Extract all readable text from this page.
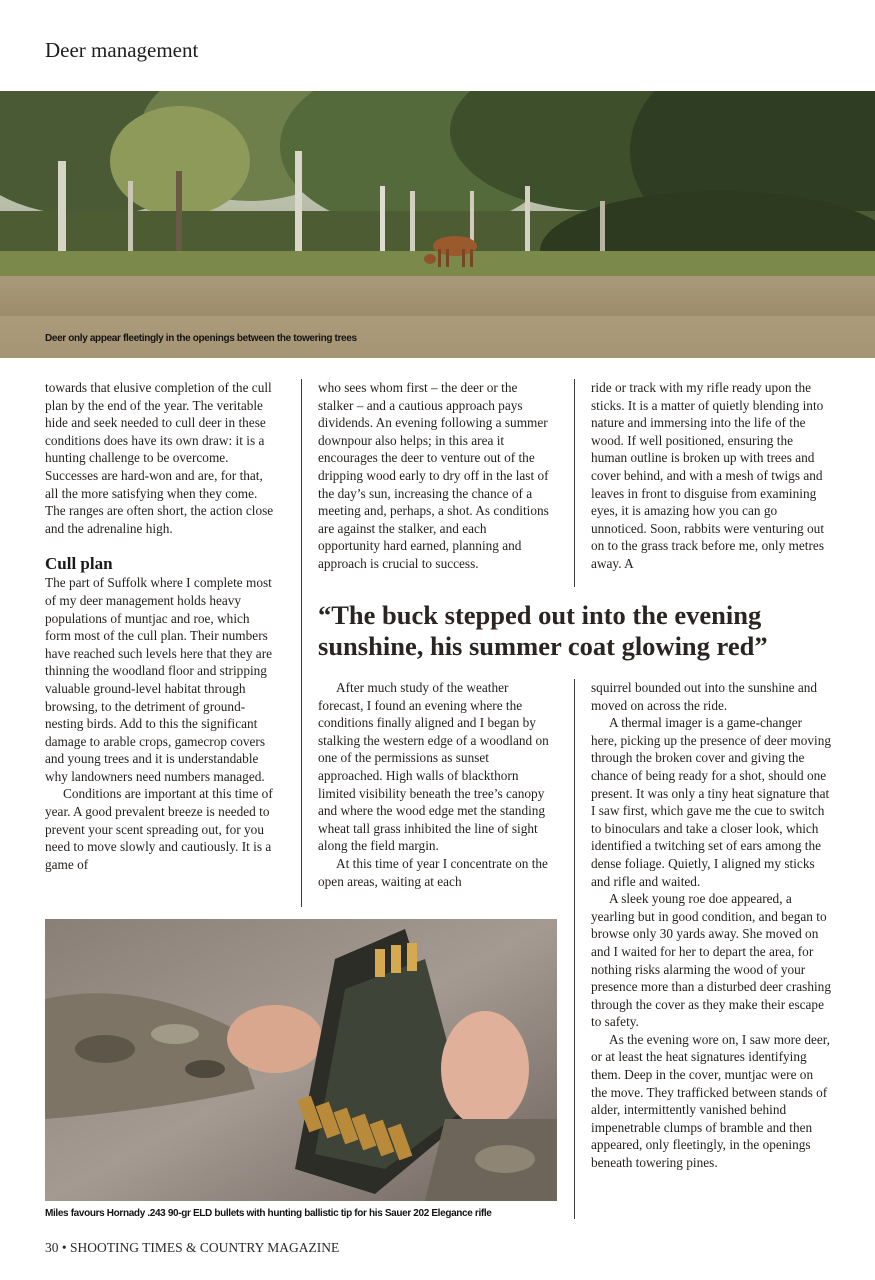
Deer management
Deer only appear fleetingly in the openings between the towering trees

towards that elusive completion of the cull plan by the end of the year. The veritable hide and seek needed to cull deer in these conditions does have its own draw: it is a hunting challenge to be overcome. Successes are hard-won and are, for that, all the more satisfying when they come. The ranges are often short, the action close and the adrenaline high.

Cull plan

The part of Suffolk where I complete most of my deer management holds heavy populations of muntjac and roe, which form most of the cull plan. Their numbers have reached such levels here that they are thinning the woodland floor and stripping valuable ground-level habitat through browsing, to the detriment of ground-nesting birds. Add to this the significant damage to arable crops, gamecrop covers and young trees and it is understandable why landowners need numbers managed.

Conditions are important at this time of year. A good prevalent breeze is needed to prevent your scent spreading out, for you need to move slowly and cautiously. It is a game of

who sees whom first – the deer or the stalker – and a cautious approach pays dividends. An evening following a summer downpour also helps; in this area it encourages the deer to venture out of the dripping wood early to dry off in the last of the day’s sun, increasing the chance of a meeting and, perhaps, a shot. As conditions are against the stalker, and each opportunity hard earned, planning and approach is crucial to success.

ride or track with my rifle ready upon the sticks. It is a matter of quietly blending into nature and immersing into the life of the wood. If well positioned, ensuring the human outline is broken up with trees and cover behind, and with a mesh of twigs and leaves in front to disguise from examining eyes, it is amazing how you can go unnoticed. Soon, rabbits were venturing out on to the grass track before me, only metres away. A

“The buck stepped out into the evening sunshine, his summer coat glowing red”

After much study of the weather forecast, I found an evening where the conditions finally aligned and I began by stalking the western edge of a woodland on one of the permissions as sunset approached. High walls of blackthorn limited visibility beneath the tree’s canopy and where the wood edge met the standing wheat tall grass inhibited the line of sight along the field margin.

At this time of year I concentrate on the open areas, waiting at each

squirrel bounded out into the sunshine and moved on across the ride.

A thermal imager is a game-changer here, picking up the presence of deer moving through the broken cover and giving the chance of being ready for a shot, should one present. It was only a tiny heat signature that I saw first, which gave me the cue to switch to binoculars and take a closer look, which identified a twitching set of ears among the dense foliage. Quietly, I aligned my sticks and rifle and waited.

A sleek young roe doe appeared, a yearling but in good condition, and began to browse only 30 yards away. She moved on and I waited for her to depart the area, for nothing risks alarming the wood of your presence more than a disturbed deer crashing through the cover as they make their escape to safety.

As the evening wore on, I saw more deer, or at least the heat signatures identifying them. Deep in the cover, muntjac were on the move. They trafficked between stands of alder, intermittently vanished behind impenetrable clumps of bramble and then appeared, only fleetingly, in the openings beneath towering pines.

Miles favours Hornady .243 90-gr ELD bullets with hunting ballistic tip for his Sauer 202 Elegance rifle
30 • SHOOTING TIMES & COUNTRY MAGAZINE
